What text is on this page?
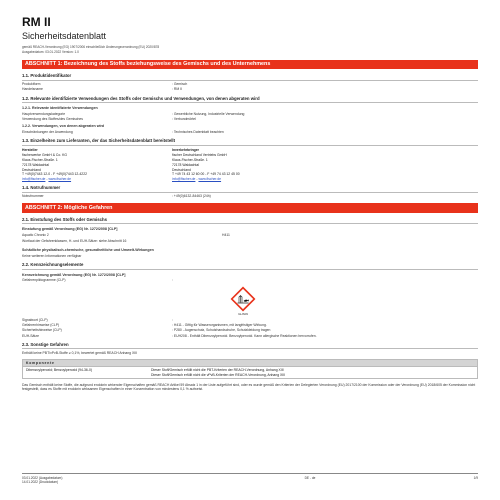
RM II
Sicherheitsdatenblatt
gemäß REACH-Verordnung (EG) 1907/2006 einschließlich Änderungsverordnung (EU) 2020/878
Ausgabedatum: 03.01.2022 Version: 1.0
ABSCHNITT 1: Bezeichnung des Stoffs beziehungsweise des Gemischs und des Unternehmens
1.1. Produktidentifikator
Produktform	: Gemisch
Handelsname	: RM II
1.2. Relevante identifizierte Verwendungen des Stoffs oder Gemischs und Verwendungen, von denen abgeraten wird
1.2.1. Relevante identifizierte Verwendungen
Hauptverwendungskategorie	: Gewerbliche Nutzung, Industrielle Verwendung
Verwendung des Stoffes/des Gemisches	: Verbundmörtel
1.2.2. Verwendungen, von denen abgeraten wird
Einschränkungen der Anwendung	: Technisches Datenblatt beachten
1.3. Einzelheiten zum Lieferanten, der das Sicherheitsdatenblatt bereitstellt
Hersteller
fischerwerke GmbH & Co. KG
Klaus-Fischer-Straße. 1
72178 Waldachtal
Deutschland
T +49(0)7443 12-0 - F +49(0)7443 12-4222
info@fischer.de - www.fischer.de
Inverkehrbringer
fischer Deutschland Vertriebs GmbH
Klaus-Fischer-Straße. 1
72178 Waldachtal
Deutschland
T +49 74 43 12 60 00 - F +49 74 43 12 45 00
info@fischer.de - www.fischer.de
1.4. Notrufnummer
Notrufnummer	: +49(0)6132-84463 (24h)
ABSCHNITT 2: Mögliche Gefahren
2.1. Einstufung des Stoffs oder Gemischs
Einstufung gemäß Verordnung (EG) Nr. 1272/2008 [CLP]
Aquatic Chronic 2	H411
Wortlaut der Gefahrenklassen, H- und EUH-Sätze: siehe Abschnitt 16
Schädliche physikalisch-chemische, gesundheitliche und Umwelt-Wirkungen
Keine weiteren Informationen verfügbar
2.2. Kennzeichnungselemente
Kennzeichnung gemäß Verordnung (EG) Nr. 1272/2008 [CLP]
Gefahrenpiktogramme (CLP)	:
GHS09
Signalwort (CLP)	:
Gefahrenhinweise (CLP)	: H411 - Giftig für Wasserorganismen, mit langfristiger Wirkung.
Sicherheitshinweise (CLP)	: P280 - Augenschutz, Schutzhandschuhe, Schutzkleidung tragen
EUH-Sätze	: EUH208 - Enthält Dibenzoylperoxid. Benzoylperoxid. Kann allergische Reaktionen hervorrufen.
2.3. Sonstige Gefahren
Enthält keine PBT/vPvB-Stoffe ≥ 0,1%, bewertet gemäß REACH Anhang XIII
Komponente
Dibenzoylperoxid; Benzoylperoxid (94-36-0)	Dieser Stoff/Gemisch erfüllt nicht die PBT-Kriterien der REACH-Verordnung, Anhang XIII
Dieser Stoff/Gemisch erfüllt nicht die vPvB-Kriterien der REACH-Verordnung, Anhang XIII
Das Gemisch enthält keine Stoffe, die aufgrund endokrin wirkender Eigenschaften gemäß REACH Artikel 59 Absatz 1 in der Liste aufgeführt sind, oder es wurde gemäß den Kriterien der Delegierten Verordnung (EU) 2017/2100 der Kommission oder der Verordnung (EU) 2018/605 der Kommission nicht festgestellt, dass es Stoffe mit endokrin wirksamen Eigenschaften in einer Konzentration von mindestens 0,1 % aufweist.
03.01.2022 (Ausgabedatum)
14.01.2022 (Druckdatum)
DE - de	1/9
